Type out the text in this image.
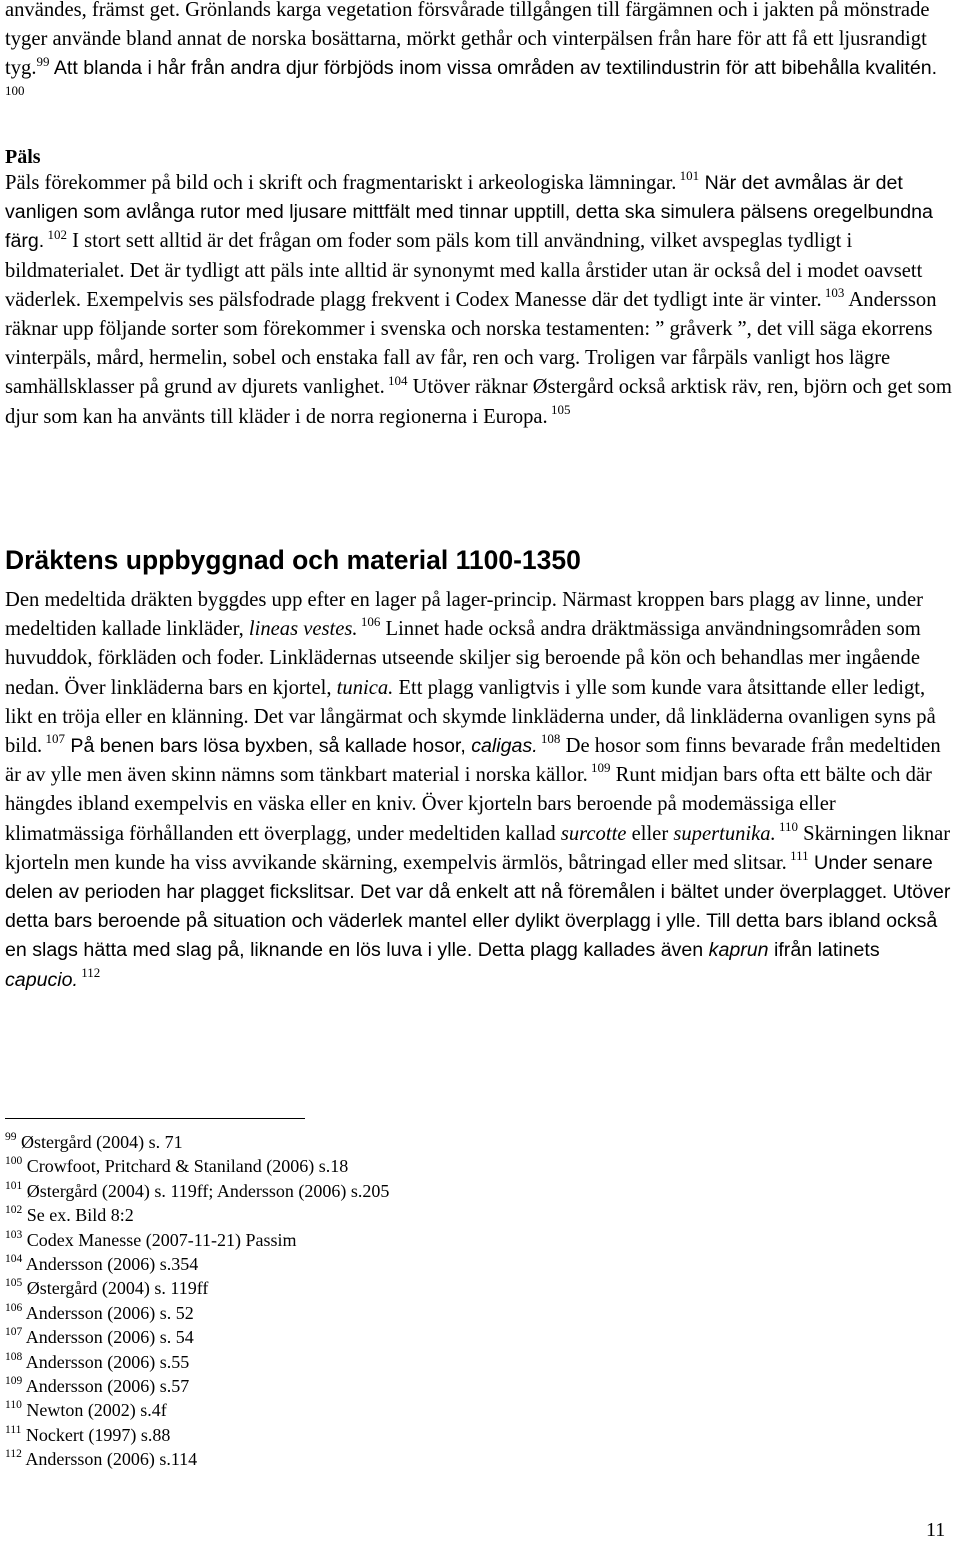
användes, främst get. Grönlands karga vegetation försvårade tillgången till färgämnen och i jakten på mönstrade tyger använde bland annat de norska bosättarna, mörkt gethår och vinterpälsen från hare för att få ett ljusrandigt tyg.$^{99}$ Att blanda i hår från andra djur förbjöds inom vissa områden av textilindustrin för att bibehålla kvalitén. $^{100}$

Päls

Päls förekommer på bild och i skrift och fragmentariskt i arkeologiska lämningar. $^{101}$ När det avmålas är det vanligen som avlånga rutor med ljusare mittfält med tinnar upptill, detta ska simulera pälsens oregelbundna färg. $^{102}$ I stort sett alltid är det frågan om foder som päls kom till användning, vilket avspeglas tydligt i bildmaterialet. Det är tydligt att päls inte alltid är synonymt med kalla årstider utan är också del i modet oavsett väderlek. Exempelvis ses pälsfodrade plagg frekvent i Codex Manesse där det tydligt inte är vinter. $^{103}$ Andersson räknar upp följande sorter som förekommer i svenska och norska testamenten: ” gråverk ”, det vill säga ekorrens vinterpäls, mård, hermelin, sobel och enstaka fall av får, ren och varg. Troligen var fårpäls vanligt hos lägre samhällsklasser på grund av djurets vanlighet. $^{104}$ Utöver räknar Østergård också arktisk räv, ren, björn och get som djur som kan ha använts till kläder i de norra regionerna i Europa. $^{105}$

Dräktens uppbyggnad och material 1100-1350

Den medeltida dräkten byggdes upp efter en lager på lager-princip. Närmast kroppen bars plagg av linne, under medeltiden kallade linkläder, lineas vestes. $^{106}$ Linnet hade också andra dräktmässiga användningsområden som huvuddok, förkläden och foder. Linklädernas utseende skiljer sig beroende på kön och behandlas mer ingående nedan. Över linkläderna bars en kjortel, tunica. Ett plagg vanligtvis i ylle som kunde vara åtsittande eller ledigt, likt en tröja eller en klänning. Det var långärmat och skymde linkläderna under, då linkläderna ovanligen syns på bild. $^{107}$ På benen bars lösa byxben, så kallade hosor, caligas. $^{108}$ De hosor som finns bevarade från medeltiden är av ylle men även skinn nämns som tänkbart material i norska källor. $^{109}$ Runt midjan bars ofta ett bälte och där hängdes ibland exempelvis en väska eller en kniv. Över kjorteln bars beroende på modemässiga eller klimatmässiga förhållanden ett överplagg, under medeltiden kallad surcotte eller supertunika. $^{110}$ Skärningen liknar kjorteln men kunde ha viss avvikande skärning, exempelvis ärmlös, båtringad eller med slitsar. $^{111}$ Under senare delen av perioden har plagget fickslitsar. Det var då enkelt att nå föremålen i bältet under överplagget. Utöver detta bars beroende på situation och väderlek mantel eller dylikt överplagg i ylle. Till detta bars ibland också en slags hätta med slag på, liknande en lös luva i ylle. Detta plagg kallades även kaprun ifrån latinets capucio. $^{112}$

$^{99}$ Østergård (2004) s. 71
$^{100}$ Crowfoot, Pritchard & Staniland (2006) s.18
$^{101}$ Østergård (2004) s. 119ff; Andersson (2006) s.205
$^{102}$ Se ex. Bild 8:2
$^{103}$ Codex Manesse (2007-11-21) Passim
$^{104}$ Andersson (2006) s.354
$^{105}$ Østergård (2004) s. 119ff
$^{106}$ Andersson (2006) s. 52
$^{107}$ Andersson (2006) s. 54
$^{108}$ Andersson (2006) s.55
$^{109}$ Andersson (2006) s.57
$^{110}$ Newton (2002) s.4f
$^{111}$ Nockert (1997) s.88
$^{112}$ Andersson (2006) s.114
11
